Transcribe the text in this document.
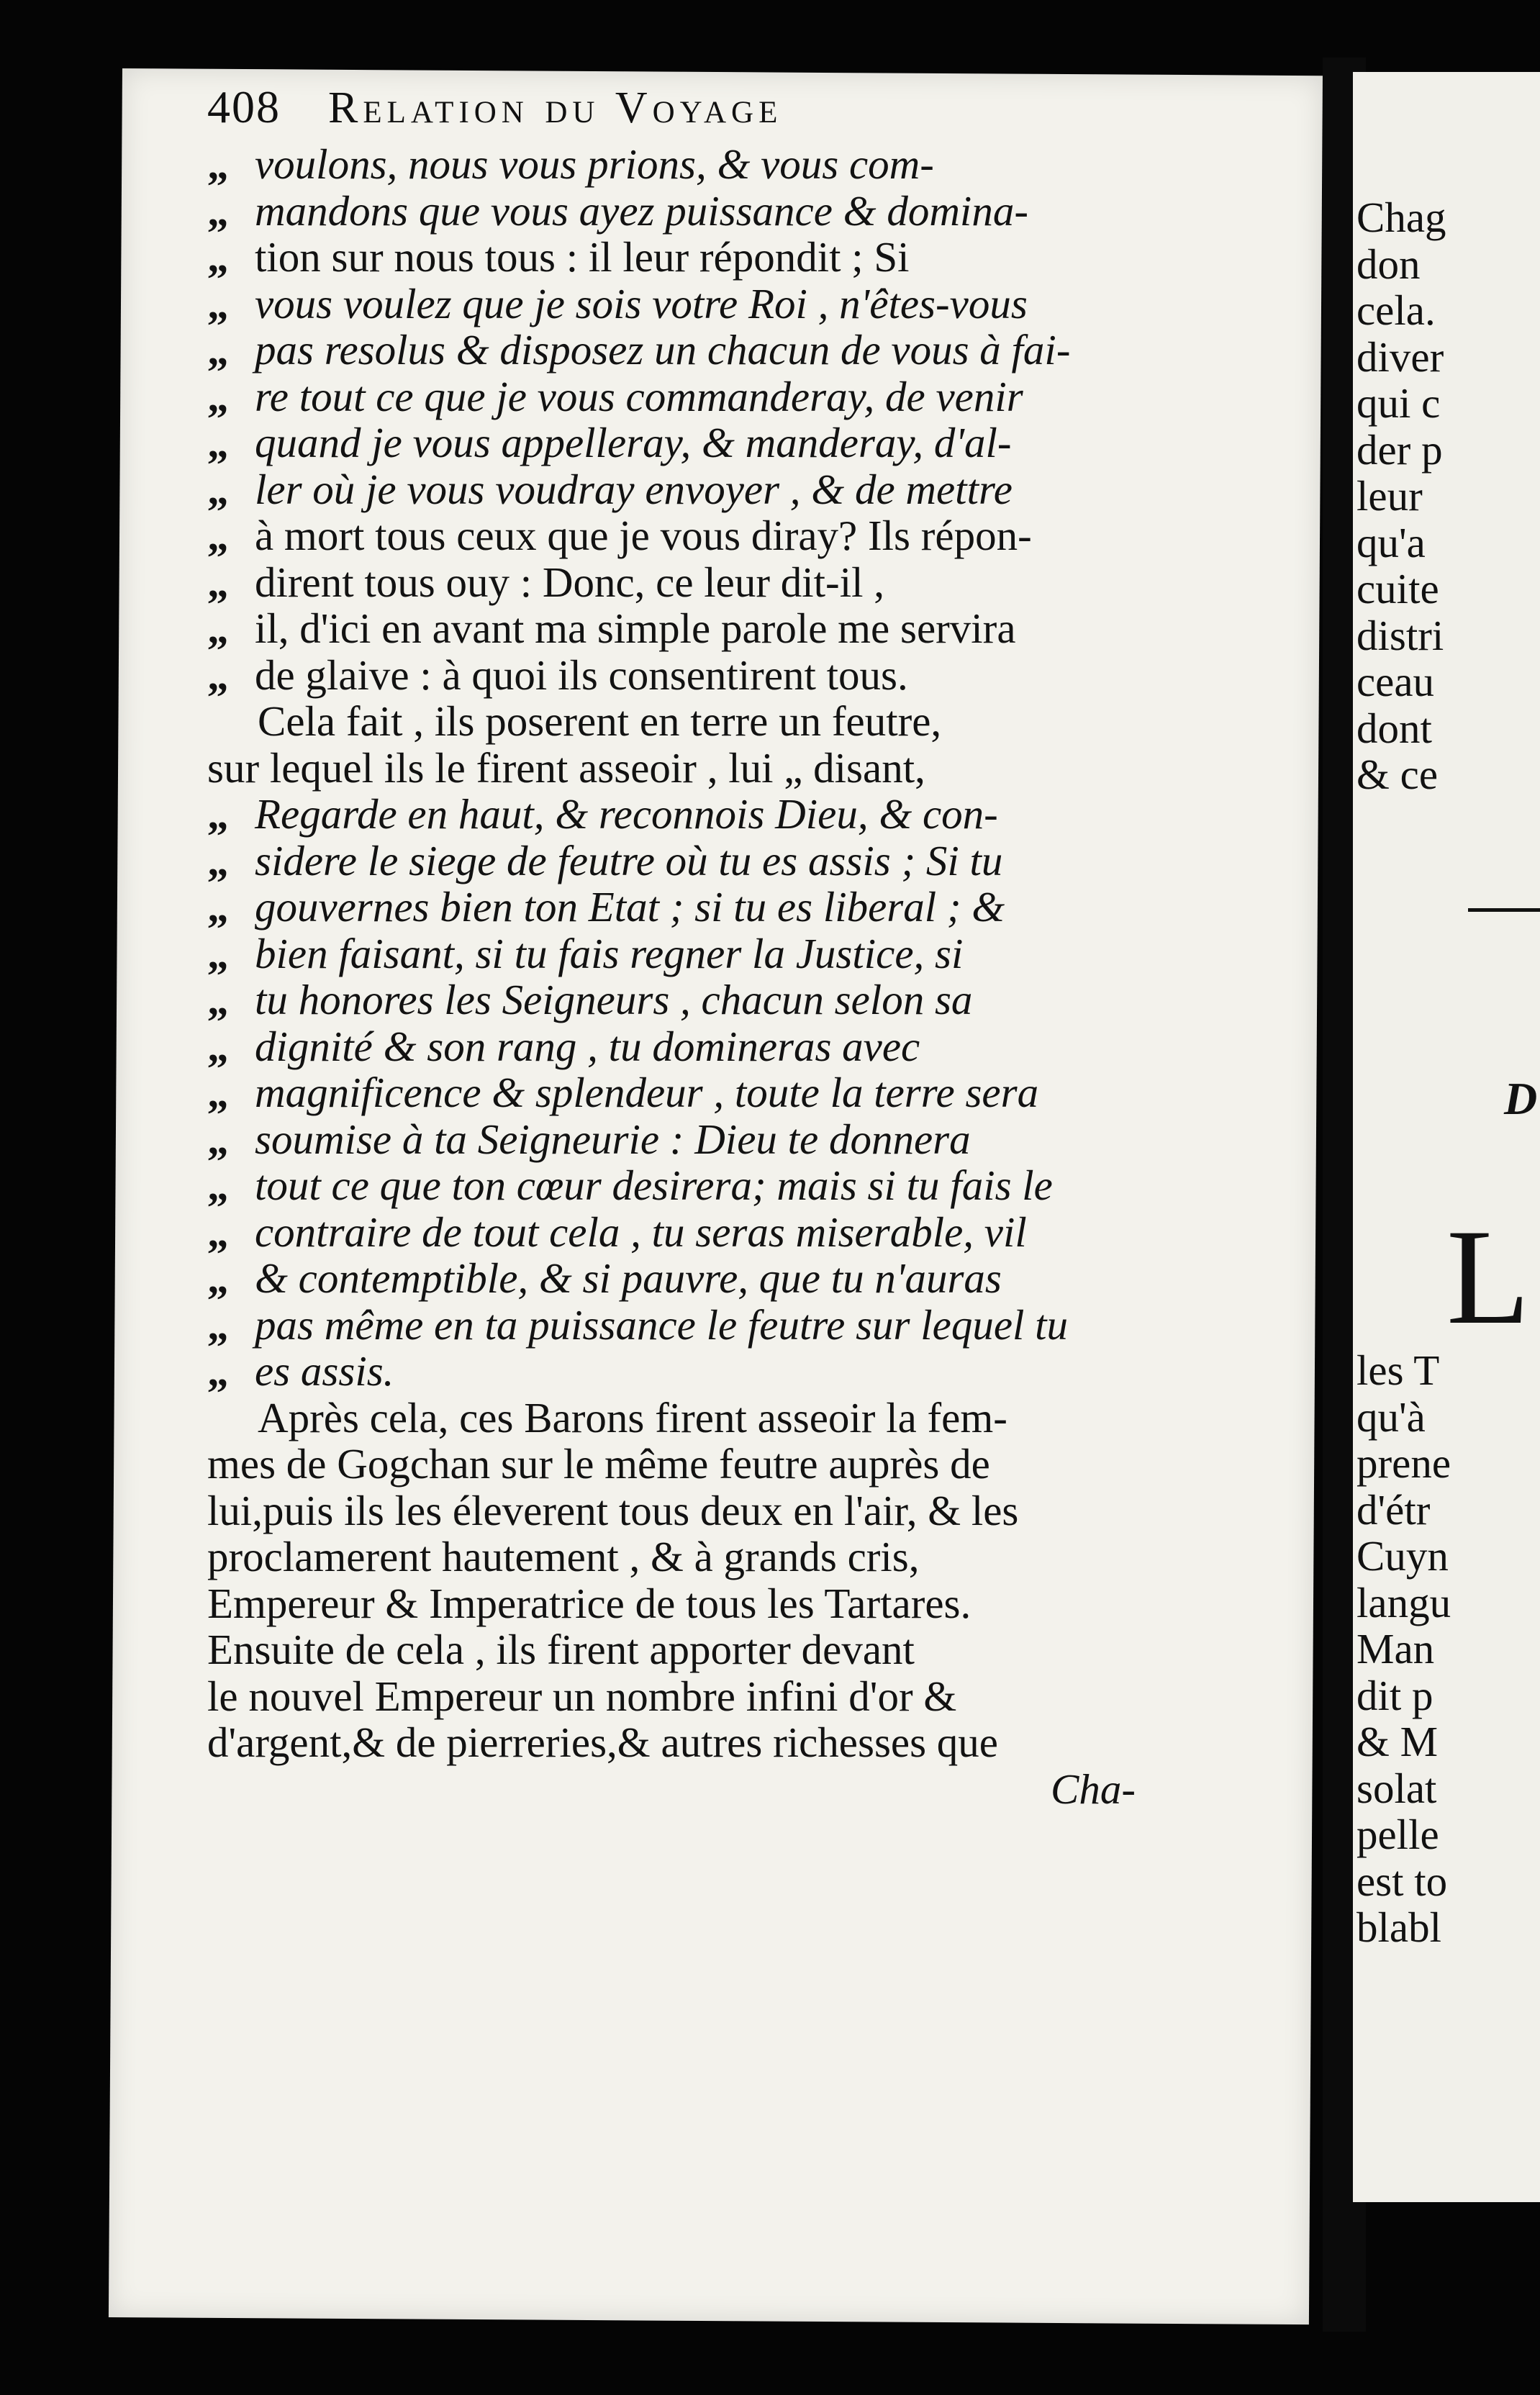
408 Relation du Voyage
„ voulons, nous vous prions, & vous com-
„ mandons que vous ayez puissance & domina-
„ tion sur nous tous : il leur répondit ; Si
„ vous voulez que je sois votre Roi , n'êtes-vous
„ pas resolus & disposez un chacun de vous à fai-
„ re tout ce que je vous commanderay, de venir
„ quand je vous appelleray, & manderay, d'al-
„ ler où je vous voudray envoyer , & de mettre
„ à mort tous ceux que je vous diray? Ils répon-
„ dirent tous ouy : Donc, ce leur dit-il ,
„ il, d'ici en avant ma simple parole me servira
„ de glaive : à quoi ils consentirent tous.
Cela fait , ils poserent en terre un feutre,
sur lequel ils le firent asseoir , lui „ disant,
„ Regarde en haut, & reconnois Dieu, & con-
„ sidere le siege de feutre où tu es assis ; Si tu
„ gouvernes bien ton Etat ; si tu es liberal ; &
„ bien faisant, si tu fais regner la Justice, si
„ tu honores les Seigneurs , chacun selon sa
„ dignité & son rang , tu domineras avec
„ magnificence & splendeur , toute la terre sera
„ soumise à ta Seigneurie : Dieu te donnera
„ tout ce que ton cœur desirera; mais si tu fais le
„ contraire de tout cela , tu seras miserable, vil
„ & contemptible, & si pauvre, que tu n'auras
„ pas même en ta puissance le feutre sur lequel tu
„ es assis.
Après cela, ces Barons firent asseoir la fem-
mes de Gogchan sur le même feutre auprès de
lui,puis ils les éleverent tous deux en l'air, & les
proclamerent hautement , & à grands cris,
Empereur & Imperatrice de tous les Tartares.
Ensuite de cela , ils firent apporter devant
le nouvel Empereur un nombre infini d'or &
d'argent,& de pierreries,& autres richesses que
Cha-
Chag
don
cela.
diver
qui c
der p
leur
qu'a
cuite
distri
ceau
dont
& ce
D
L
les T
qu'à
prene
d'étr
Cuyn
langu
Man
dit p
& M
solat
pelle
est to
blabl
